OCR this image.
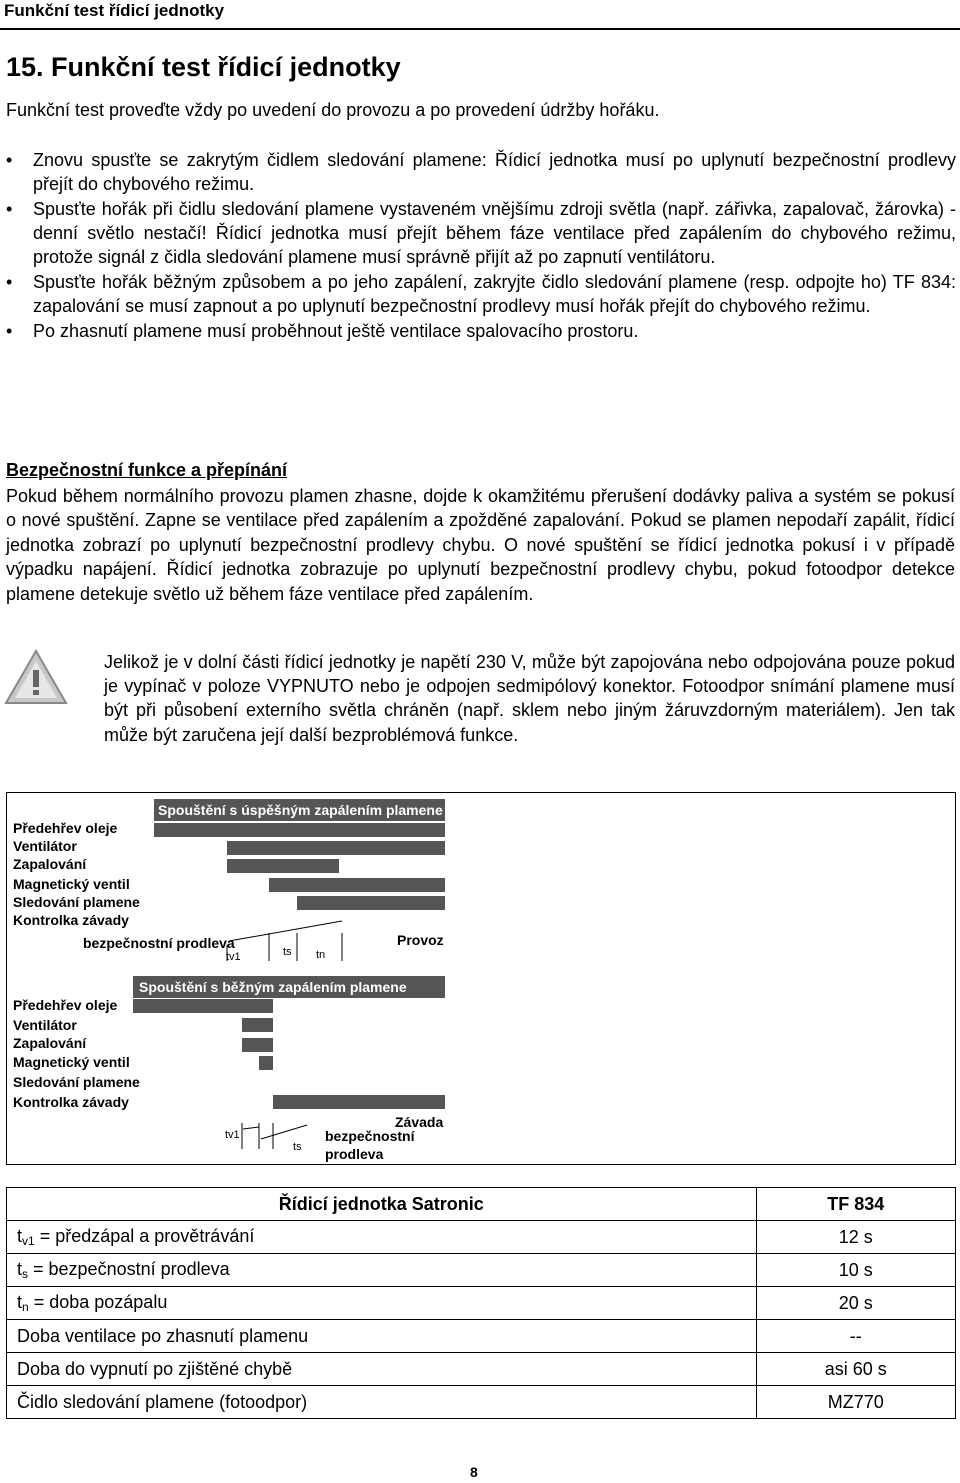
Funkční test řídicí jednotky
15. Funkční test řídicí jednotky
Funkční test proveďte vždy po uvedení do provozu a po provedení údržby hořáku.
• Znovu spusťte se zakrytým čidlem sledování plamene: Řídicí jednotka musí po uplynutí bezpečnostní prodlevy přejít do chybového režimu.
• Spusťte hořák při čidlu sledování plamene vystaveném vnějšímu zdroji světla (např. zářivka, zapalovač, žárovka) - denní světlo nestačí! Řídicí jednotka musí přejít během fáze ventilace před zapálením do chybového režimu, protože signál z čidla sledování plamene musí správně přijít až po zapnutí ventilátoru.
• Spusťte hořák běžným způsobem a po jeho zapálení, zakryjte čidlo sledování plamene (resp. odpojte ho) TF 834: zapalování se musí zapnout a po uplynutí bezpečnostní prodlevy musí hořák přejít do chybového režimu.
• Po zhasnutí plamene musí proběhnout ještě ventilace spalovacího prostoru.
Bezpečnostní funkce a přepínání
Pokud během normálního provozu plamen zhasne, dojde k okamžitému přerušení dodávky paliva a systém se pokusí o nové spuštění. Zapne se ventilace před zapálením a zpožděné zapalování. Pokud se plamen nepodaří zapálit, řídicí jednotka zobrazí po uplynutí bezpečnostní prodlevy chybu. O nové spuštění se řídicí jednotka pokusí i v případě výpadku napájení. Řídicí jednotka zobrazuje po uplynutí bezpečnostní prodlevy chybu, pokud fotoodpor detekce plamene detekuje světlo už během fáze ventilace před zapálením.
Jelikož je v dolní části řídicí jednotky je napětí 230 V, může být zapojována nebo odpojována pouze pokud je vypínač v poloze VYPNUTO nebo je odpojen sedmipólový konektor. Fotoodpor snímání plamene musí být při působení externího světla chráněn (např. sklem nebo jiným žáruvzdorným materiálem). Jen tak může být zaručena její další bezproblémová funkce.
Spouštění s úspěšným zapálením plamene
Předehřev oleje
Ventilátor
Zapalování
Magnetický ventil
Sledování plamene
Kontrolka závady
bezpečnostní prodleva	Provoz
tv1	ts tn
Spouštění s běžným zapálením plamene
Předehřev oleje
Ventilátor
Zapalování
Magnetický ventil
Sledování plamene
Kontrolka závady
Závada
bezpečnostní
prodleva
tv1
ts
Řídicí jednotka Satronic	TF 834
$t_{v1}$ = předzápal a provětrávání	12 s
$t_s$ = bezpečnostní prodleva	10 s
$t_n$ = doba pozápalu	20 s
Doba ventilace po zhasnutí plamenu	--
Doba do vypnutí po zjištěné chybě	asi 60 s
Čidlo sledování plamene (fotoodpor)	MZ770
8
